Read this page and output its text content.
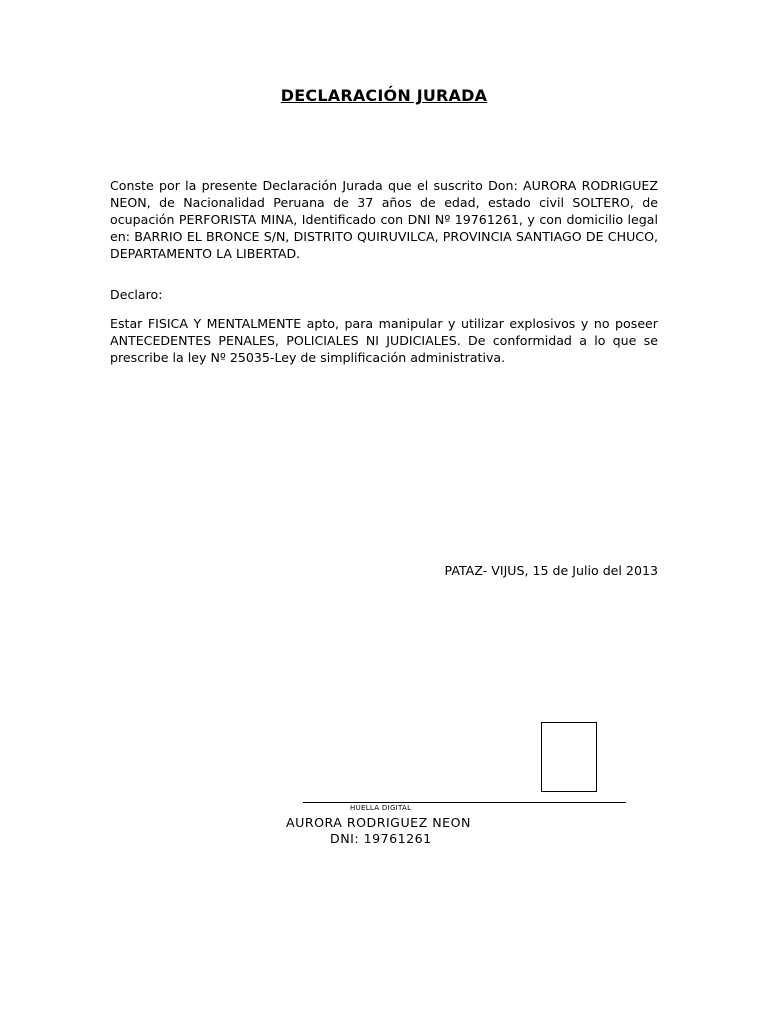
DECLARACIÓN JURADA

Conste por la presente Declaración Jurada que el suscrito Don: AURORA RODRIGUEZ NEON, de Nacionalidad Peruana de 37 años de edad, estado civil SOLTERO, de ocupación PERFORISTA MINA, Identificado con DNI Nº 19761261, y con domicilio legal en: BARRIO EL BRONCE S/N, DISTRITO QUIRUVILCA, PROVINCIA SANTIAGO DE CHUCO, DEPARTAMENTO LA LIBERTAD.

Declaro:

Estar FISICA Y MENTALMENTE apto, para manipular y utilizar explosivos y no poseer ANTECEDENTES PENALES, POLICIALES NI JUDICIALES. De conformidad a lo que se prescribe la ley Nº 25035-Ley de simplificación administrativa.

PATAZ- VIJUS, 15 de Julio del 2013
HUELLA DIGITAL
AURORA RODRIGUEZ NEON
DNI: 19761261
